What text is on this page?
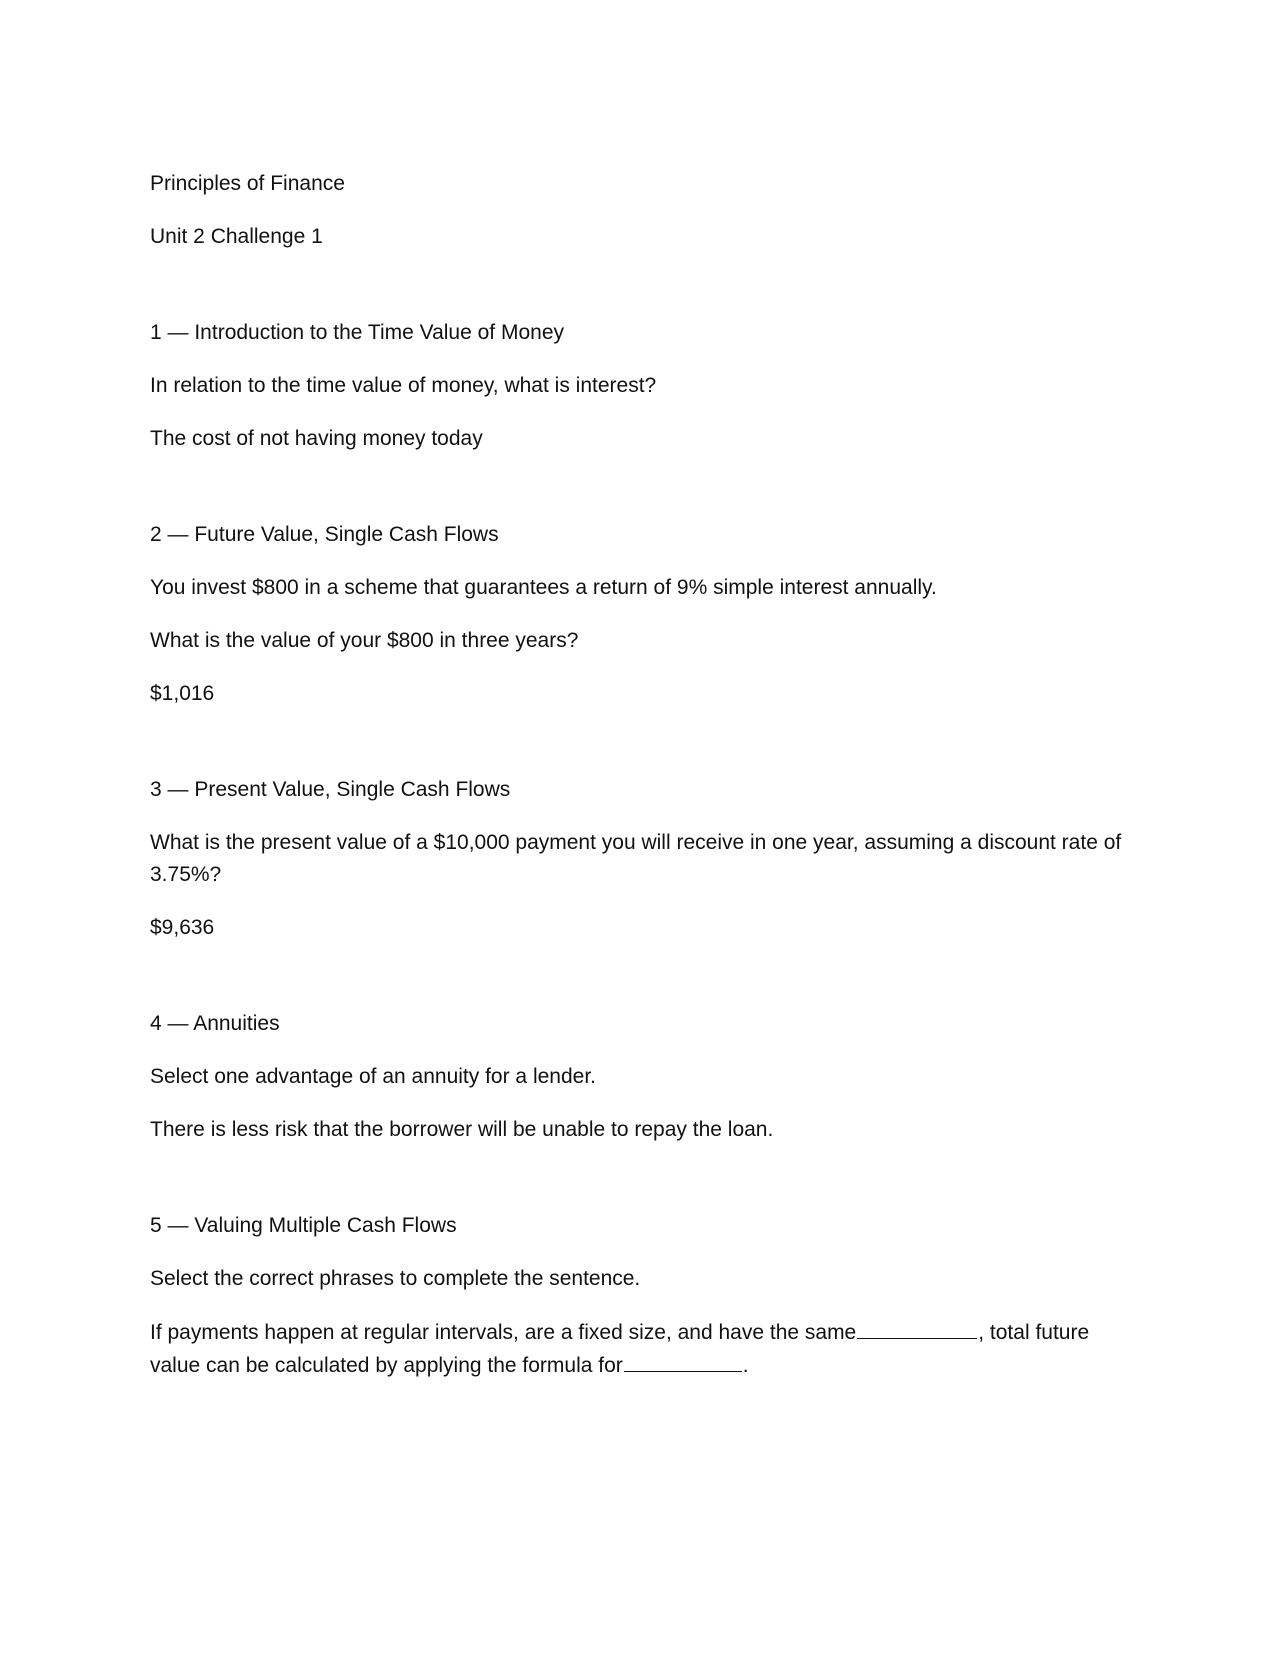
Principles of Finance

Unit 2 Challenge 1

1 — Introduction to the Time Value of Money

In relation to the time value of money, what is interest?

The cost of not having money today

2 — Future Value, Single Cash Flows

You invest $800 in a scheme that guarantees a return of 9% simple interest annually.

What is the value of your $800 in three years?

$1,016

3 — Present Value, Single Cash Flows

What is the present value of a $10,000 payment you will receive in one year, assuming a discount rate of 3.75%?

$9,636

4 — Annuities

Select one advantage of an annuity for a lender.

There is less risk that the borrower will be unable to repay the loan.

5 — Valuing Multiple Cash Flows

Select the correct phrases to complete the sentence.

If payments happen at regular intervals, are a fixed size, and have the same	, total future value can be calculated by applying the formula for	.
